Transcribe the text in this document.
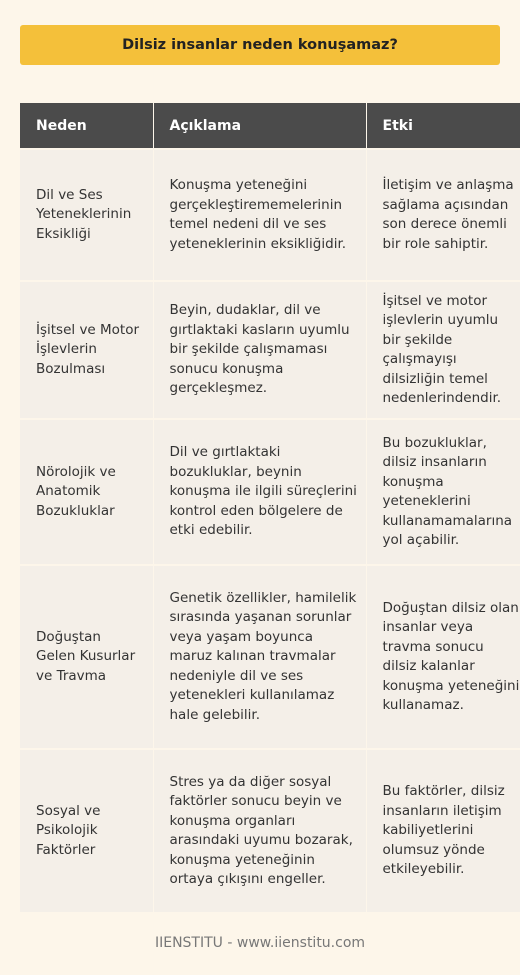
Dilsiz insanlar neden konuşamaz?
Neden	Açıklama	Etki
Dil ve Ses Yeteneklerinin Eksikliği	Konuşma yeteneğini gerçekleştirememelerinin temel nedeni dil ve ses yeteneklerinin eksikliğidir.	İletişim ve anlaşma sağlama açısından son derece önemli bir role sahiptir.
İşitsel ve Motor İşlevlerin Bozulması	Beyin, dudaklar, dil ve gırtlaktaki kasların uyumlu bir şekilde çalışmaması sonucu konuşma gerçekleşmez.	İşitsel ve motor işlevlerin uyumlu bir şekilde çalışmayışı dilsizliğin temel nedenlerindendir.
Nörolojik ve Anatomik Bozukluklar	Dil ve gırtlaktaki bozukluklar, beynin konuşma ile ilgili süreçlerini kontrol eden bölgelere de etki edebilir.	Bu bozukluklar, dilsiz insanların konuşma yeteneklerini kullanamamalarına yol açabilir.
Doğuştan Gelen Kusurlar ve Travma	Genetik özellikler, hamilelik sırasında yaşanan sorunlar veya yaşam boyunca maruz kalınan travmalar nedeniyle dil ve ses yetenekleri kullanılamaz hale gelebilir.	Doğuştan dilsiz olan insanlar veya travma sonucu dilsiz kalanlar konuşma yeteneğini kullanamaz.
Sosyal ve Psikolojik Faktörler	Stres ya da diğer sosyal faktörler sonucu beyin ve konuşma organları arasındaki uyumu bozarak, konuşma yeteneğinin ortaya çıkışını engeller.	Bu faktörler, dilsiz insanların iletişim kabiliyetlerini olumsuz yönde etkileyebilir.
IIENSTITU - www.iienstitu.com
